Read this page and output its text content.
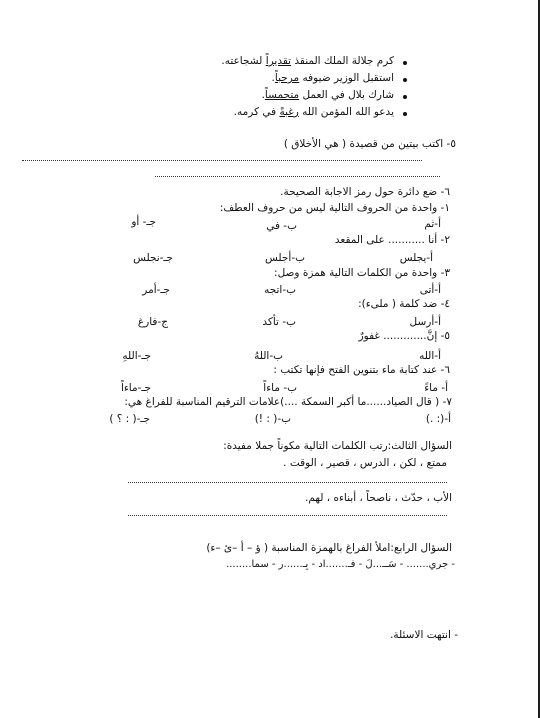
كرم جلالة الملك المنقذ تقديراً لشجاعته.
استقبل الوزير ضيوفه مرحباً.
شارك بلال في العمل متحمساً.
يدعو الله المؤمن الله رغبةً في كرمه.
٥- اكتب بيتين من قصيدة ( هي الأخلاق )
٦- ضع دائرة حول رمز الاجابة الصحيحة.
١- واحدة من الحروف التالية ليس من حروف العطف:
أ-ثم
ب- في
جـ- أو
٢- أنا ........... على المقعد
أ-يجلس
ب-أجلس
جـ-نجلس
٣- واحدة من الكلمات التالية همزة وصل:
أ-أتى
ب-اتجه
جـ-أمر
٤- ضد كلمة ( ملىء):
أ-أرسل
ب- تأكد
ج-فارغ
٥- إنَّ............. غفورٌ
أ-الله
ب-اللهُ
جـ-اللهِ
٦- عند كتابة ماء بتنوين الفتح فإنها تكتب :
أ- ماءً
ب- ماءاً
جـ-ماءاً
٧- ( قال الصياد......ما أكبر السمكة ....)علامات الترقيم المناسبة للفراغ هي:
أ-(: .)
ب-( : !)
جـ-( : ؟ )
السؤال الثالث:رتب الكلمات التالية مكوناً جملا مفيدة:
ممتع ، لكن ، الدرس ، قصير ، الوقت .
الأب ، حدّث ، ناصحاً ، أبناءه ، لهم.
السؤال الرابع:املأ الفراغ بالهمزة المناسبة ( ؤ – أ –ئ –ء)
- جري....... - سَــ...لَ - فـ.......اد - بِـ......ر - سما........
- انتهت الاسئلة.
